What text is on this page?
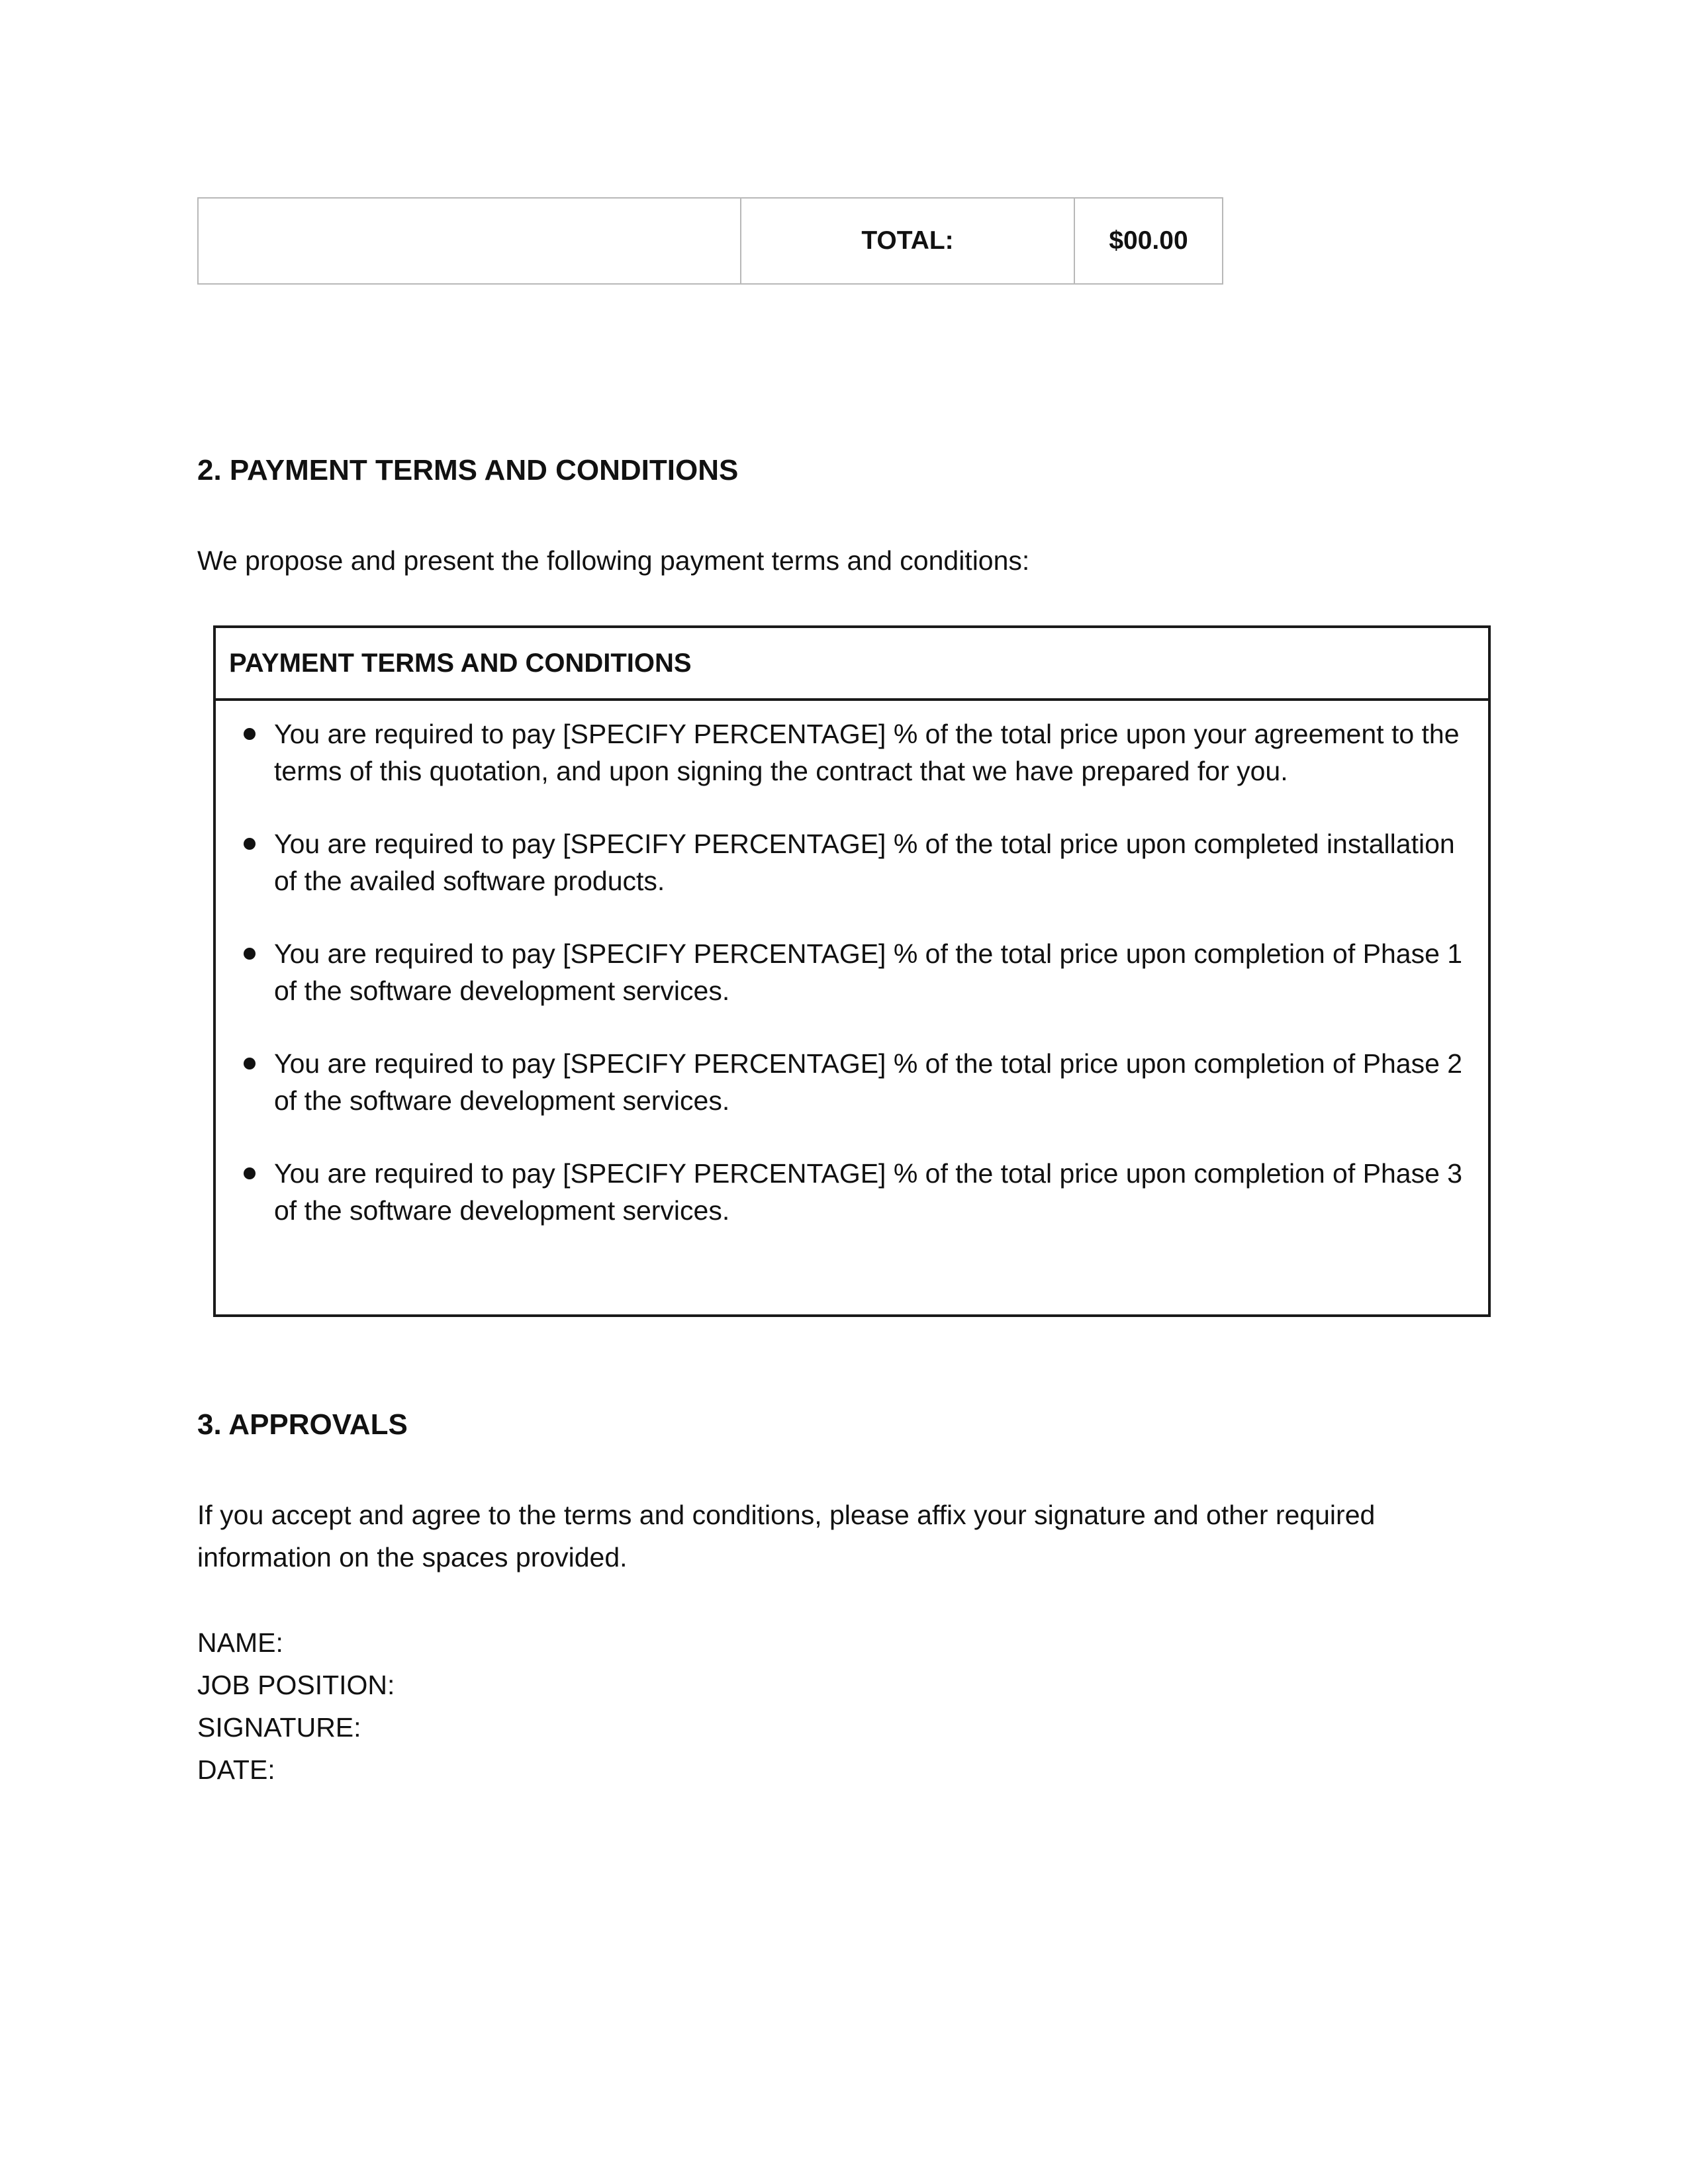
	TOTAL:	$00.00
2. PAYMENT TERMS AND CONDITIONS

We propose and present the following payment terms and conditions:

PAYMENT TERMS AND CONDITIONS
You are required to pay [SPECIFY PERCENTAGE] % of the total price upon your agreement to the terms of this quotation, and upon signing the contract that we have prepared for you.
You are required to pay [SPECIFY PERCENTAGE] % of the total price upon completed installation of the availed software products.
You are required to pay [SPECIFY PERCENTAGE] % of the total price upon completion of Phase 1 of the software development services.
You are required to pay [SPECIFY PERCENTAGE] % of the total price upon completion of Phase 2 of the software development services.
You are required to pay [SPECIFY PERCENTAGE] % of the total price upon completion of Phase 3 of the software development services.
3. APPROVALS

If you accept and agree to the terms and conditions, please affix your signature and other required information on the spaces provided.

NAME:
JOB POSITION:
SIGNATURE:
DATE:
